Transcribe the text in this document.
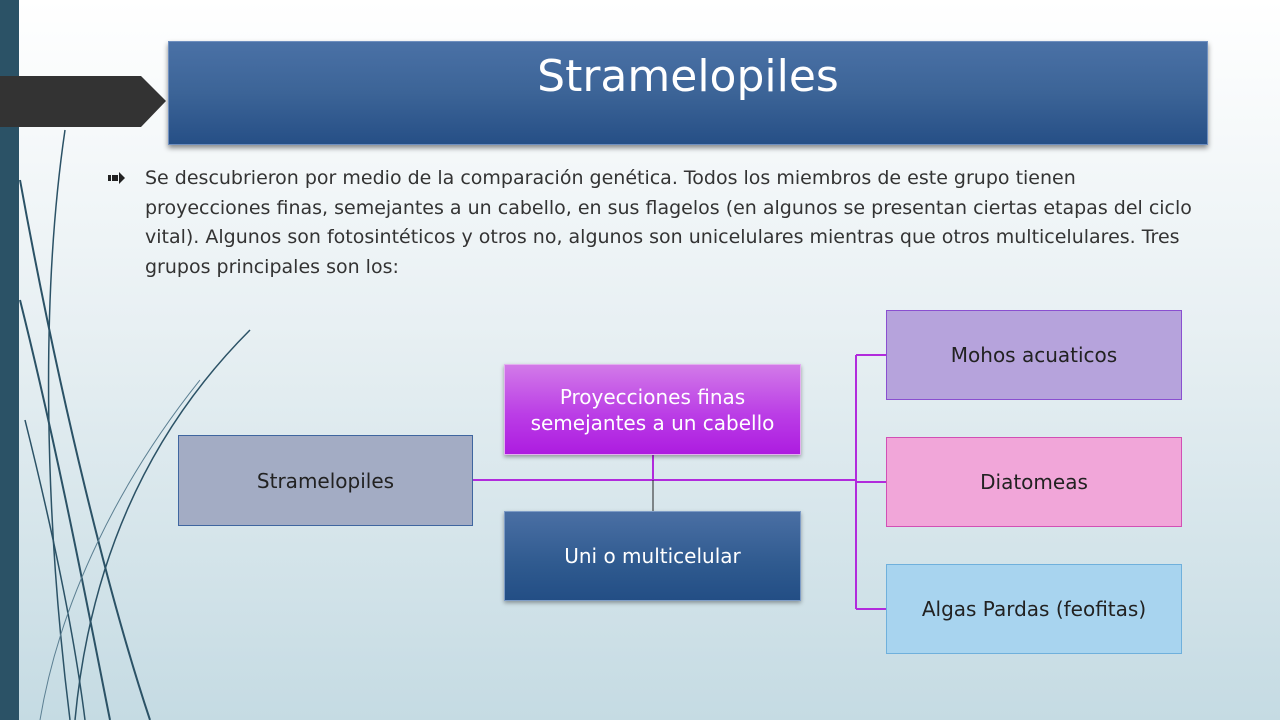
Stramelopiles

Se descubrieron por medio de la comparación genética. Todos los miembros de este grupo tienen proyecciones finas, semejantes a un cabello, en sus flagelos (en algunos se presentan ciertas etapas del ciclo vital). Algunos son fotosintéticos y otros no, algunos son unicelulares mientras que otros multicelulares. Tres grupos principales son los:

Stramelopiles
Proyecciones finas semejantes a un cabello
Uni o multicelular
Mohos acuaticos
Diatomeas
Algas Pardas (feofitas)
